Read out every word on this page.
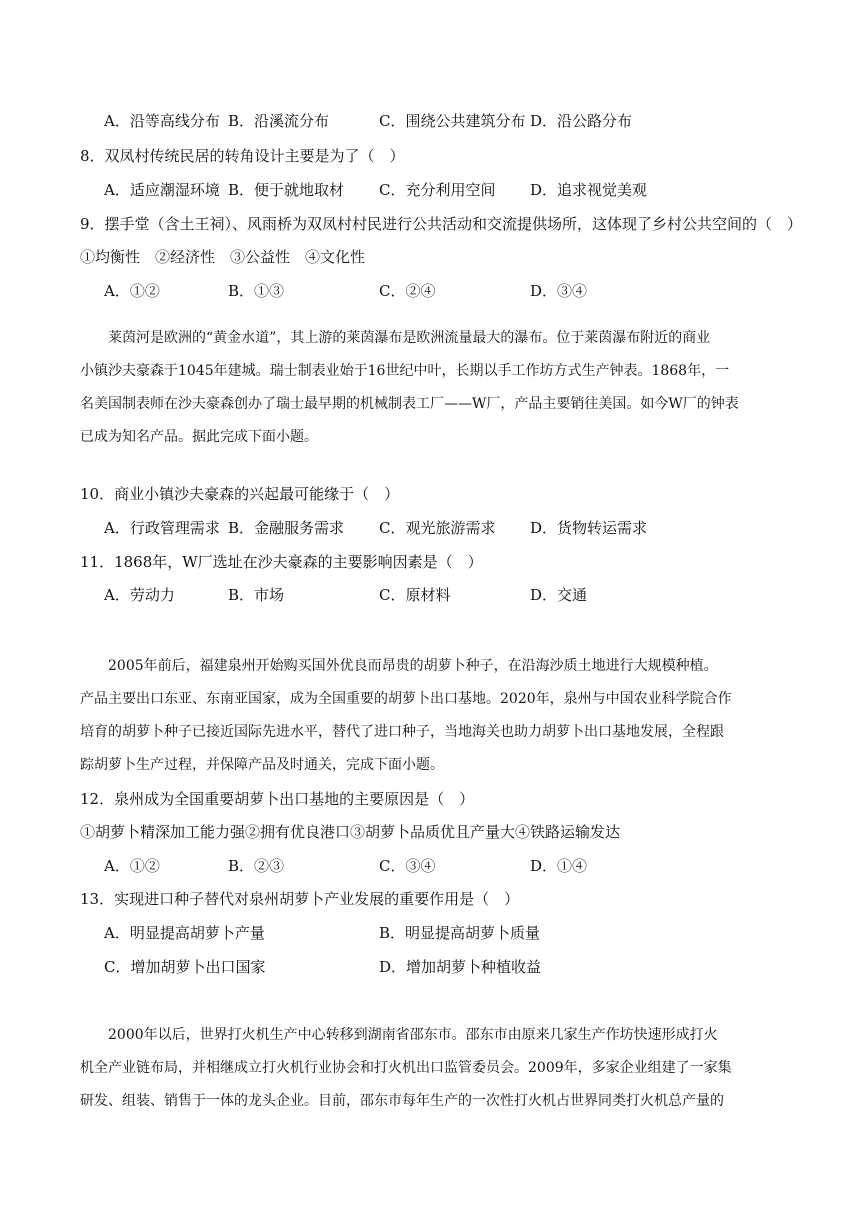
A．沿等高线分布 B．沿溪流分布	C．围绕公共建筑分布 D．沿公路分布
8．双凤村传统民居的转角设计主要是为了（　）
A．适应潮湿环境 B．便于就地取材 C．充分利用空间 D．追求视觉美观
9．摆手堂（含土王祠）、风雨桥为双凤村村民进行公共活动和交流提供场所，这体现了乡村公共空间的（　）
①均衡性　②经济性　③公益性　④文化性
A．①②	B．①③	C．②④	D．③④

　　莱茵河是欧洲的“黄金水道”，其上游的莱茵瀑布是欧洲流量最大的瀑布。位于莱茵瀑布附近的商业

小镇沙夫豪森于1045年建城。瑞士制表业始于16世纪中叶，长期以手工作坊方式生产钟表。1868年，一

名美国制表师在沙夫豪森创办了瑞士最早期的机械制表工厂——W厂，产品主要销往美国。如今W厂的钟表

已成为知名产品。据此完成下面小题。

10．商业小镇沙夫豪森的兴起最可能缘于（　）
A．行政管理需求 B．金融服务需求 C．观光旅游需求 D．货物转运需求
11．1868年，W厂选址在沙夫豪森的主要影响因素是（　）
A．劳动力	B．市场	C．原材料	D．交通

　　2005年前后，福建泉州开始购买国外优良而昂贵的胡萝卜种子，在沿海沙质土地进行大规模种植。

产品主要出口东亚、东南亚国家，成为全国重要的胡萝卜出口基地。2020年，泉州与中国农业科学院合作

培育的胡萝卜种子已接近国际先进水平，替代了进口种子，当地海关也助力胡萝卜出口基地发展，全程跟

踪胡萝卜生产过程，并保障产品及时通关，完成下面小题。

12．泉州成为全国重要胡萝卜出口基地的主要原因是（　）
①胡萝卜精深加工能力强②拥有优良港口③胡萝卜品质优且产量大④铁路运输发达
A．①②	B．②③	C．③④	D．①④
13．实现进口种子替代对泉州胡萝卜产业发展的重要作用是（　）
A．明显提高胡萝卜产量	B．明显提高胡萝卜质量
C．增加胡萝卜出口国家	D．增加胡萝卜种植收益

　　2000年以后，世界打火机生产中心转移到湖南省邵东市。邵东市由原来几家生产作坊快速形成打火

机全产业链布局，并相继成立打火机行业协会和打火机出口监管委员会。2009年，多家企业组建了一家集

研发、组装、销售于一体的龙头企业。目前，邵东市每年生产的一次性打火机占世界同类打火机总产量的
